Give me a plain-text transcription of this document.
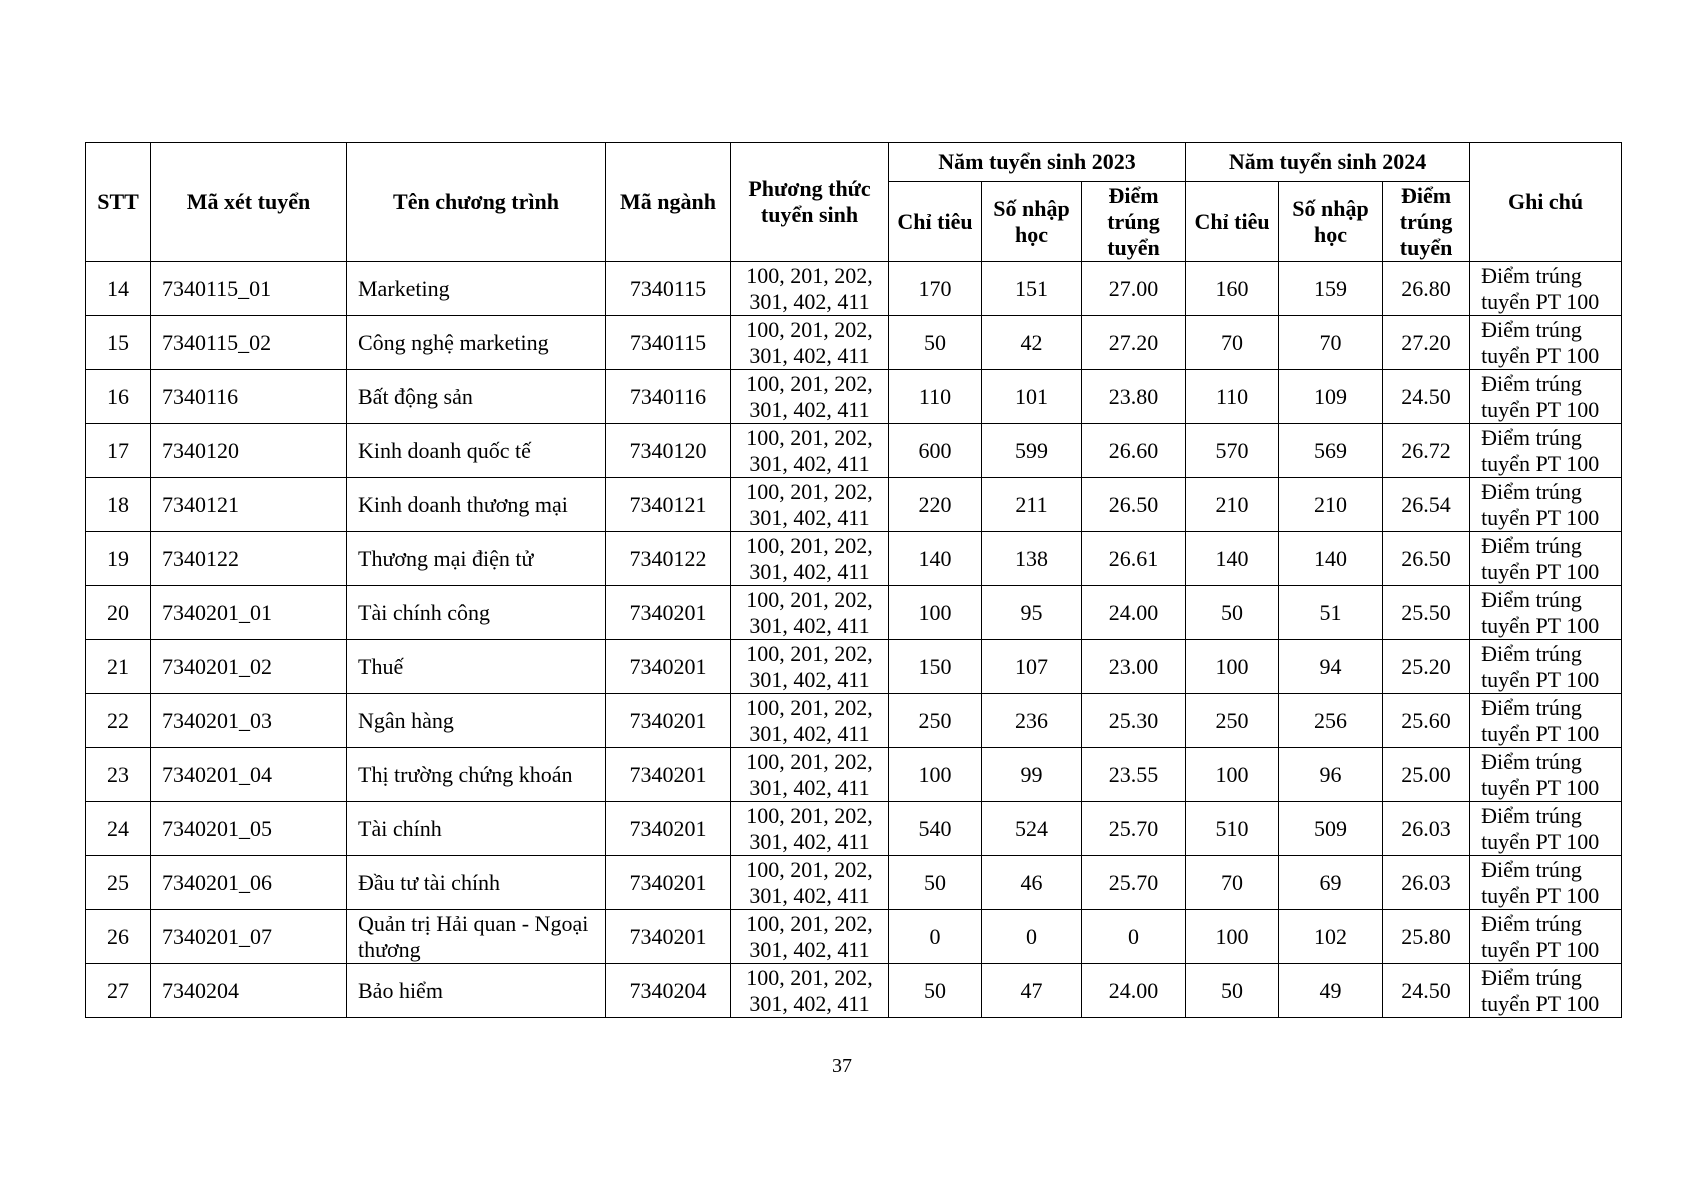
STT	Mã xét tuyển	Tên chương trình	Mã ngành	Phương thức tuyển sinh	Năm tuyển sinh 2023			Năm tuyển sinh 2024			Ghi chú
					Chỉ tiêu	Số nhập học	Điểm trúng tuyển	Chỉ tiêu	Số nhập học	Điểm trúng tuyển	
14	7340115_01	Marketing	7340115	100, 201, 202, 301, 402, 411	170	151	27.00	160	159	26.80	Điểm trúng tuyển PT 100
15	7340115_02	Công nghệ marketing	7340115	100, 201, 202, 301, 402, 411	50	42	27.20	70	70	27.20	Điểm trúng tuyển PT 100
16	7340116	Bất động sản	7340116	100, 201, 202, 301, 402, 411	110	101	23.80	110	109	24.50	Điểm trúng tuyển PT 100
17	7340120	Kinh doanh quốc tế	7340120	100, 201, 202, 301, 402, 411	600	599	26.60	570	569	26.72	Điểm trúng tuyển PT 100
18	7340121	Kinh doanh thương mại	7340121	100, 201, 202, 301, 402, 411	220	211	26.50	210	210	26.54	Điểm trúng tuyển PT 100
19	7340122	Thương mại điện tử	7340122	100, 201, 202, 301, 402, 411	140	138	26.61	140	140	26.50	Điểm trúng tuyển PT 100
20	7340201_01	Tài chính công	7340201	100, 201, 202, 301, 402, 411	100	95	24.00	50	51	25.50	Điểm trúng tuyển PT 100
21	7340201_02	Thuế	7340201	100, 201, 202, 301, 402, 411	150	107	23.00	100	94	25.20	Điểm trúng tuyển PT 100
22	7340201_03	Ngân hàng	7340201	100, 201, 202, 301, 402, 411	250	236	25.30	250	256	25.60	Điểm trúng tuyển PT 100
23	7340201_04	Thị trường chứng khoán	7340201	100, 201, 202, 301, 402, 411	100	99	23.55	100	96	25.00	Điểm trúng tuyển PT 100
24	7340201_05	Tài chính	7340201	100, 201, 202, 301, 402, 411	540	524	25.70	510	509	26.03	Điểm trúng tuyển PT 100
25	7340201_06	Đầu tư tài chính	7340201	100, 201, 202, 301, 402, 411	50	46	25.70	70	69	26.03	Điểm trúng tuyển PT 100
26	7340201_07	Quản trị Hải quan - Ngoại thương	7340201	100, 201, 202, 301, 402, 411	0	0	0	100	102	25.80	Điểm trúng tuyển PT 100
27	7340204	Bảo hiểm	7340204	100, 201, 202, 301, 402, 411	50	47	24.00	50	49	24.50	Điểm trúng tuyển PT 100
37
